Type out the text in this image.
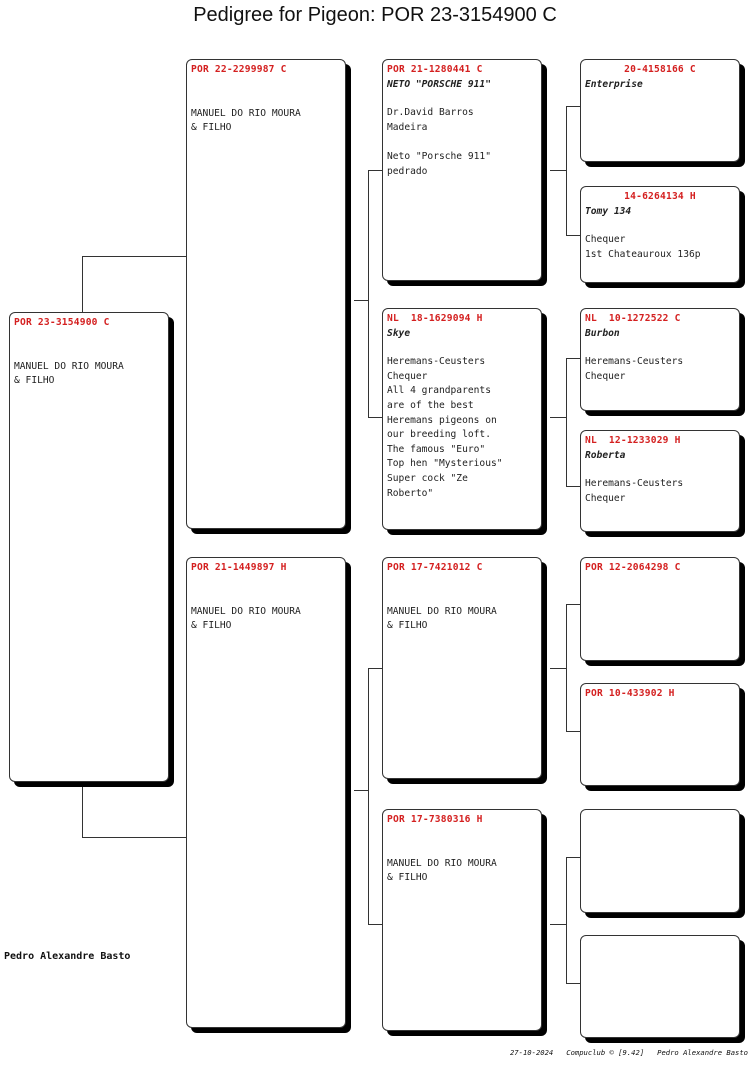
Pedigree for Pigeon: POR 23-3154900 C
POR 23-3154900 C
MANUEL DO RIO MOURA
& FILHO
POR 22-2299987 C
MANUEL DO RIO MOURA
& FILHO
POR 21-1449897 H
MANUEL DO RIO MOURA
& FILHO
POR 21-1280441 C
NETO "PORSCHE 911"
Dr.David Barros
Madeira

Neto "Porsche 911"
pedrado
NL  18-1629094 H
Skye
Heremans-Ceusters
Chequer
All 4 grandparents
are of the best
Heremans pigeons on
our breeding loft.
The famous "Euro"
Top hen "Mysterious"
Super cock "Ze
Roberto"
POR 17-7421012 C
MANUEL DO RIO MOURA
& FILHO
POR 17-7380316 H
MANUEL DO RIO MOURA
& FILHO
20-4158166 C
Enterprise
14-6264134 H
Tomy 134
Chequer
1st Chateauroux 136p
NL  10-1272522 C
Burbon
Heremans-Ceusters
Chequer
NL  12-1233029 H
Roberta
Heremans-Ceusters
Chequer
POR 12-2064298 C
POR 10-433902 H
Pedro Alexandre Basto
27-10-2024 Compuclub © [9.42] Pedro Alexandre Basto
